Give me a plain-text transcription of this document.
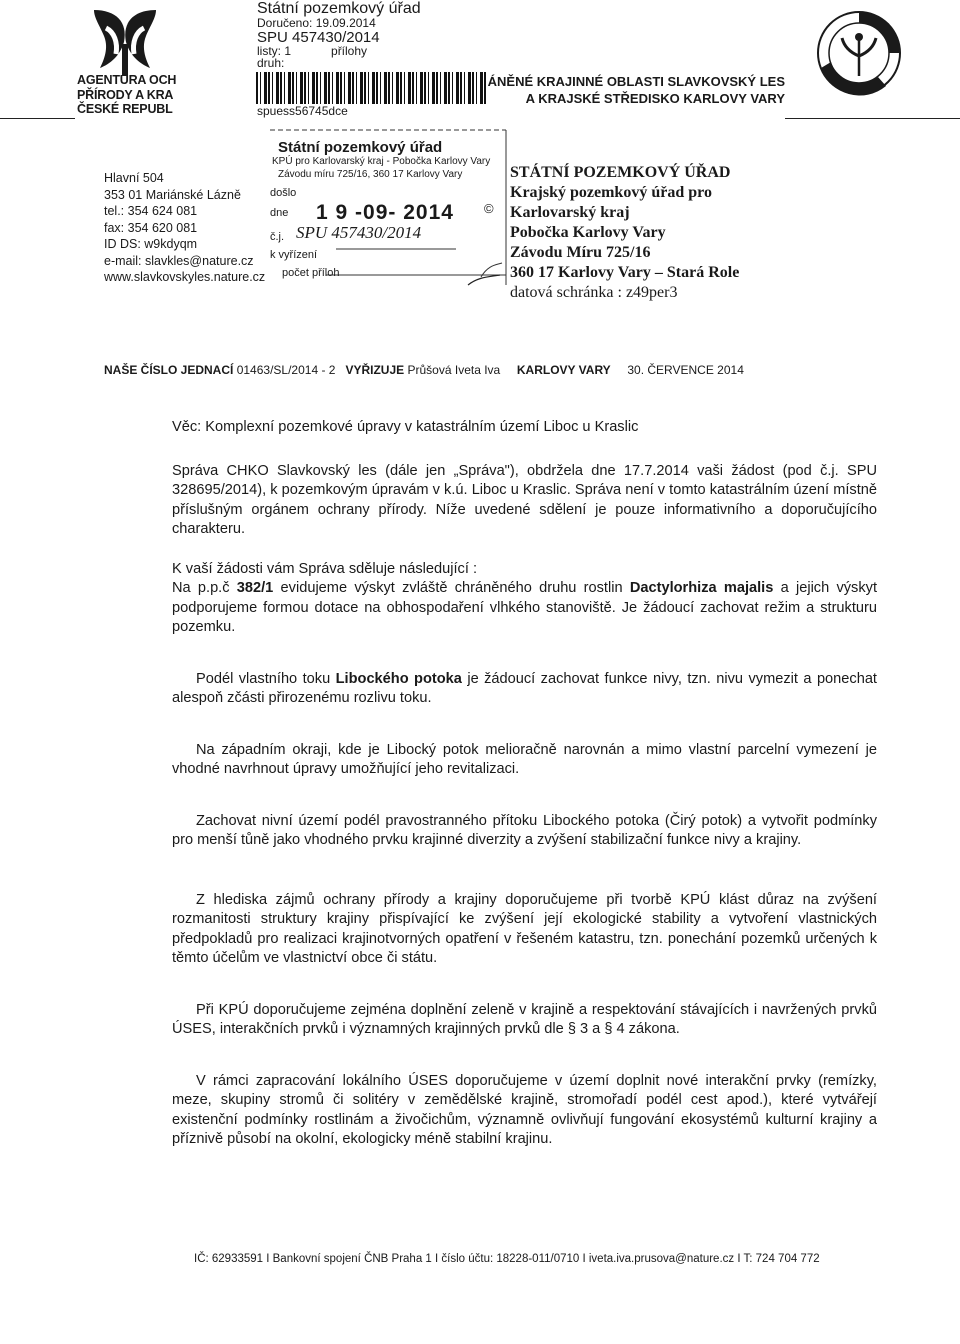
AGENTURA OCH
PŘÍRODY A KRA
ČESKÉ REPUBL
Státní pozemkový úřad
Doručeno: 19.09.2014
SPU 457430/2014
listy: 1	přílohy
druh:
spuess56745dce
ÁNĚNÉ KRAJINNÉ OBLASTI SLAVKOVSKÝ LES
A KRAJSKÉ STŘEDISKO KARLOVY VARY
Hlavní 504
353 01 Mariánské Lázně
tel.: 354 624 081
fax: 354 620 081
ID DS: w9kdyqm
e-mail: slavkles@nature.cz
www.slavkovskyles.nature.cz
Státní pozemkový úřad
KPÚ pro Karlovarský kraj - Pobočka Karlovy Vary
Závodu míru 725/16, 360 17 Karlovy Vary
došlo
dne 1 9 -09- 2014 ©
č.j. SPU 457430/2014
k vyřízení
počet příloh
STÁTNÍ POZEMKOVÝ ÚŘAD
Krajský pozemkový úřad pro
Karlovarský kraj
Pobočka Karlovy Vary
Závodu Míru 725/16
360 17 Karlovy Vary – Stará Role
datová schránka : z49per3
NAŠE ČÍSLO JEDNACÍ 01463/SL/2014 - 2 VYŘIZUJE Průšová Iveta Iva KARLOVY VARY 30. ČERVENCE 2014

Věc: Komplexní pozemkové úpravy v katastrálním území Liboc u Kraslic

Správa CHKO Slavkovský les (dále jen „Správa"), obdržela dne 17.7.2014 vaši žádost (pod č.j. SPU 328695/2014), k pozemkovým úpravám v k.ú. Liboc u Kraslic. Správa není v tomto katastrálním úzení místně příslušným orgánem ochrany přírody. Níže uvedené sdělení je pouze informativního a doporučujícího charakteru.

K vaší žádosti vám Správa sděluje následující :

Na p.p.č 382/1 evidujeme výskyt zvláště chráněného druhu rostlin Dactylorhiza majalis a jejich výskyt podporujeme formou dotace na obhospodaření vlhkého stanoviště. Je žádoucí zachovat režim a strukturu pozemku.

Podél vlastního toku Libockého potoka je žádoucí zachovat funkce nivy, tzn. nivu vymezit a ponechat alespoň zčásti přirozenému rozlivu toku.

Na západním okraji, kde je Libocký potok melioračně narovnán a mimo vlastní parcelní vymezení je vhodné navrhnout úpravy umožňující jeho revitalizaci.

Zachovat nivní území podél pravostranného přítoku Libockého potoka (Čirý potok) a vytvořit podmínky pro menší tůně jako vhodného prvku krajinné diverzity a zvýšení stabilizační funkce nivy a krajiny.

Z hlediska zájmů ochrany přírody a krajiny doporučujeme při tvorbě KPÚ klást důraz na zvýšení rozmanitosti struktury krajiny přispívající ke zvýšení její ekologické stability a vytvoření vlastnických předpokladů pro realizaci krajinotvorných opatření v řešeném katastru, tzn. ponechání pozemků určených k těmto účelům ve vlastnictví obce či státu.

Při KPÚ doporučujeme zejména doplnění zeleně v krajině a respektování stávajících i navržených prvků ÚSES, interakčních prvků i významných krajinných prvků dle § 3 a § 4 zákona.

V rámci zapracování lokálního ÚSES doporučujeme v území doplnit nové interakční prvky (remízky, meze, skupiny stromů či solitéry v zemědělské krajině, stromořadí podél cest apod.), které vytvářejí existenční podmínky rostlinám a živočichům, významně ovlivňují fungování ekosystémů kulturní krajiny a příznivě působí na okolní, ekologicky méně stabilní krajinu.

IČ: 62933591 I Bankovní spojení ČNB Praha 1 I číslo účtu: 18228-011/0710 I iveta.iva.prusova@nature.cz I T: 724 704 772
